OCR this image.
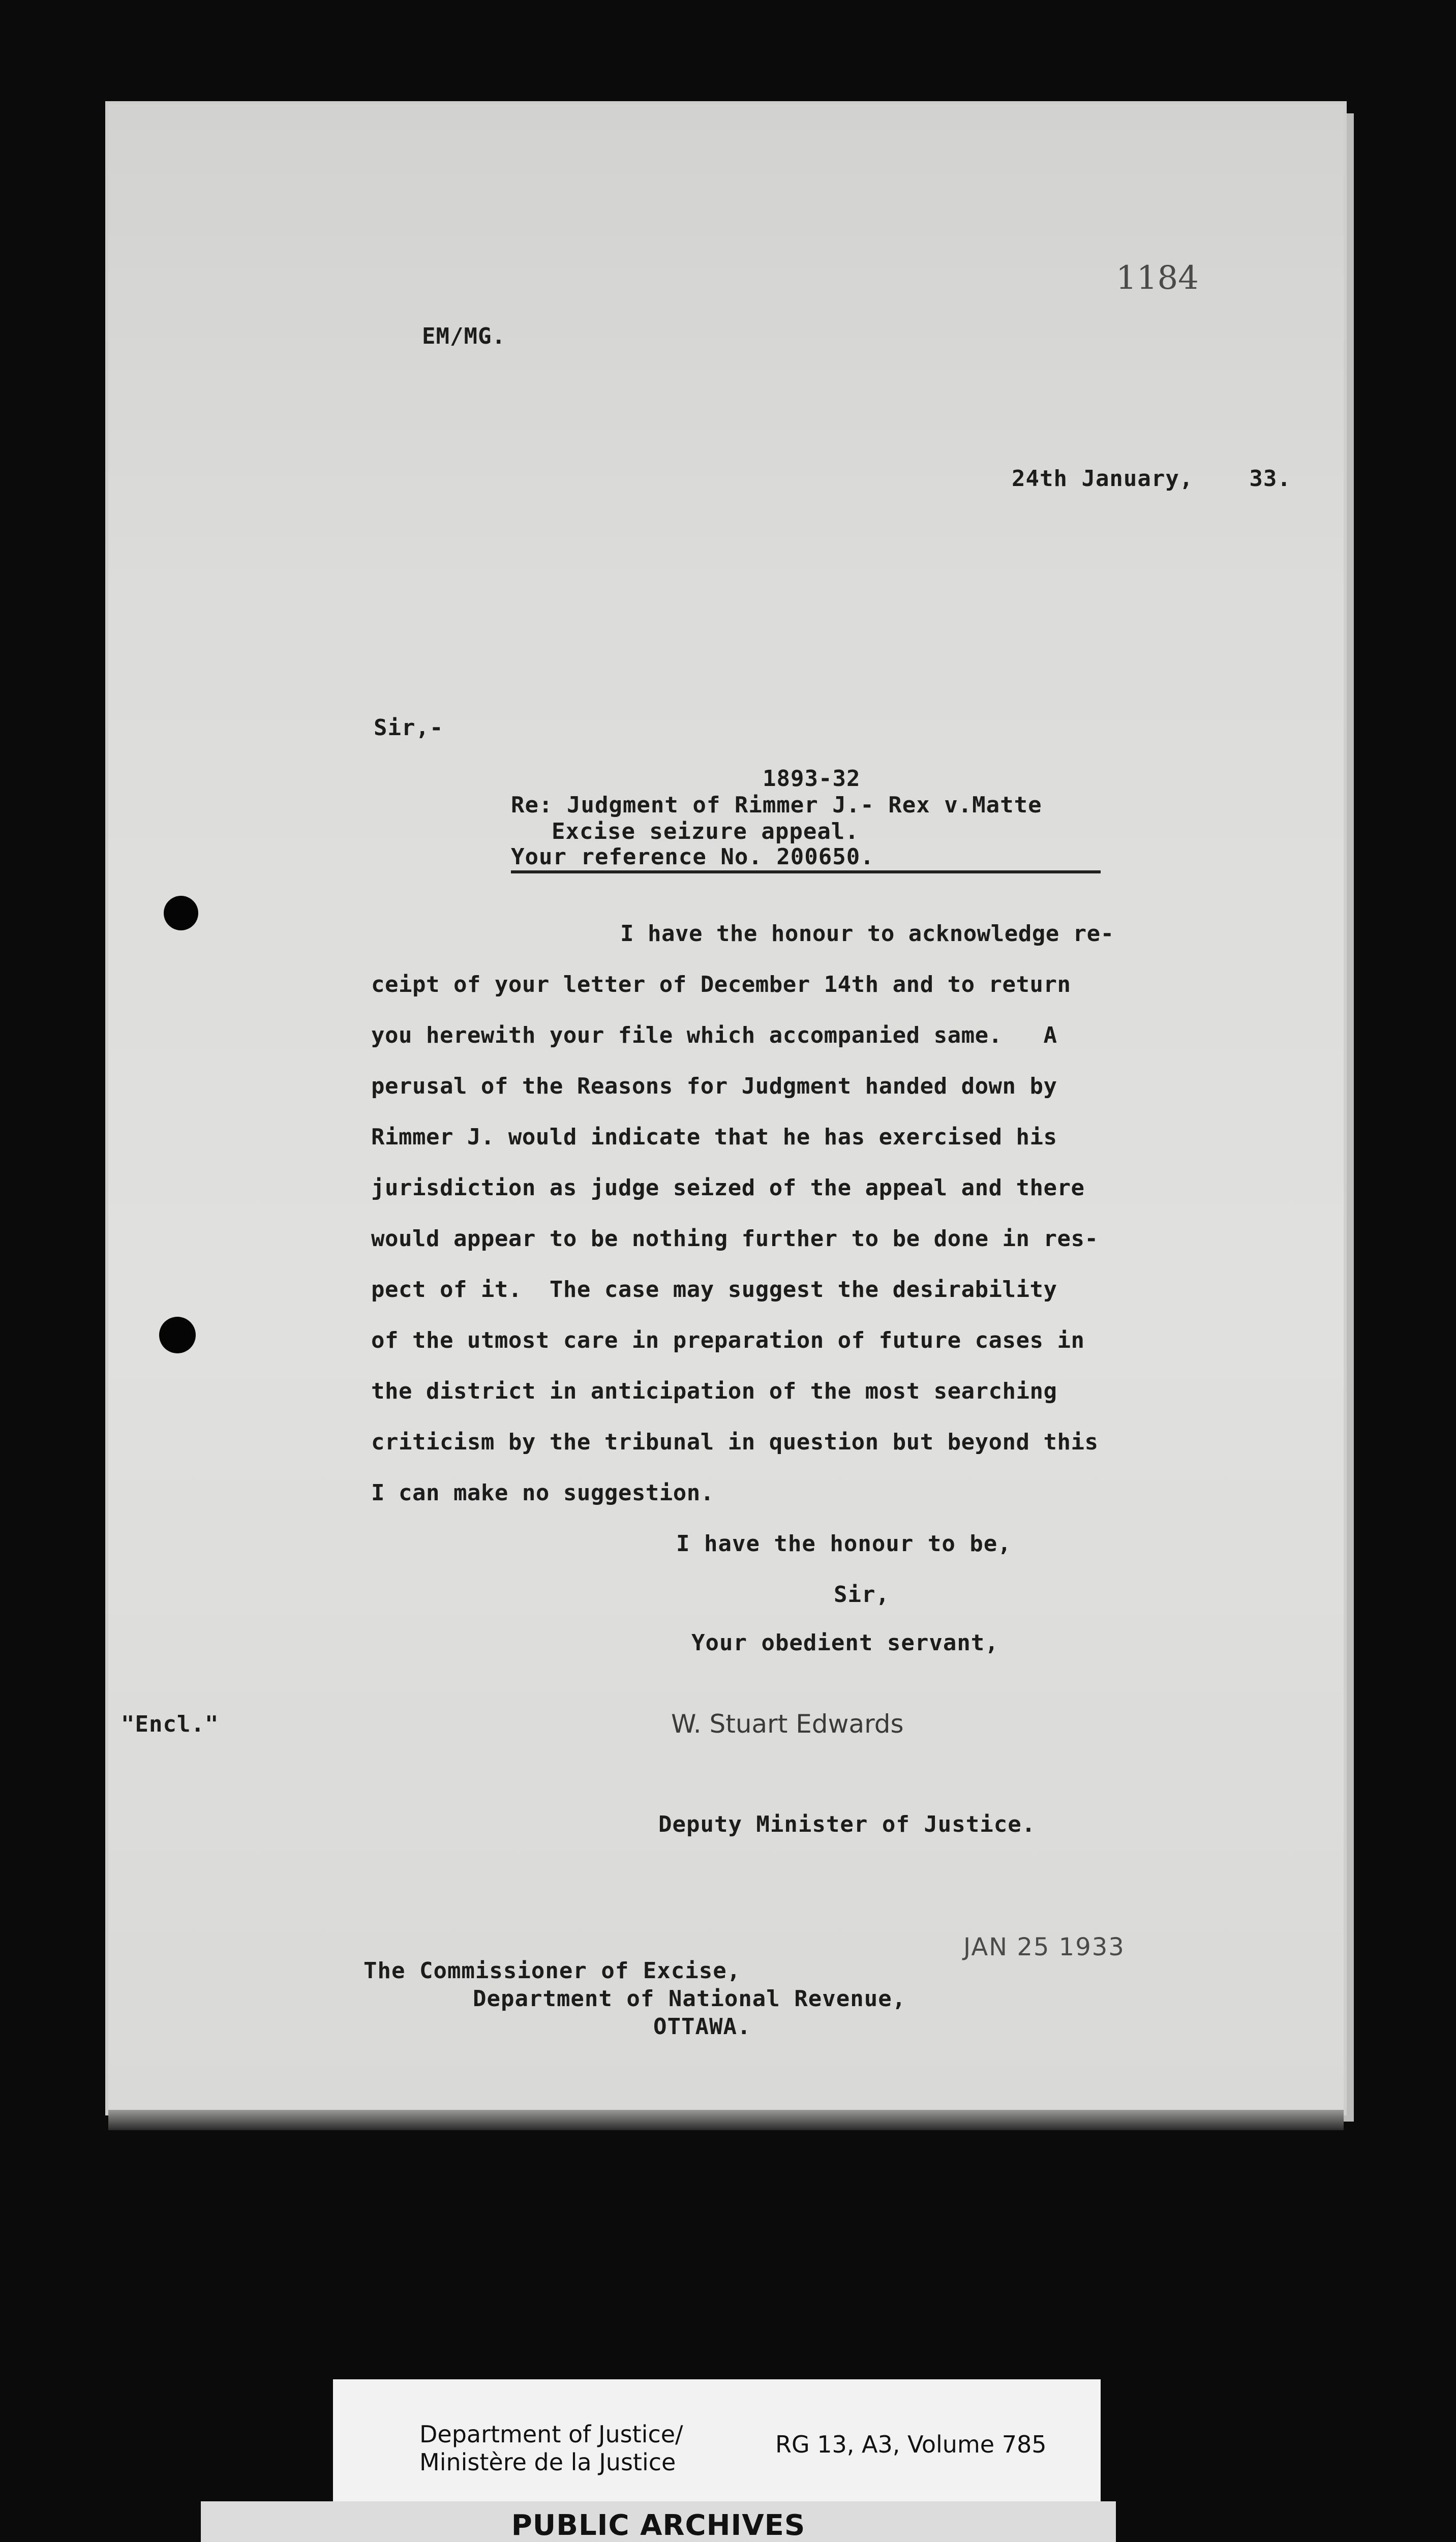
1184
EM/MG.
24th January,    33.
Sir,-
1893-32
Re: Judgment of Rimmer J.- Rex v.Matte
Excise seizure appeal.
Your reference No. 200650.
I have the honour to acknowledge re-
ceipt of your letter of December 14th and to return
you herewith your file which accompanied same.   A
perusal of the Reasons for Judgment handed down by
Rimmer J. would indicate that he has exercised his
jurisdiction as judge seized of the appeal and there
would appear to be nothing further to be done in res-
pect of it.  The case may suggest the desirability
of the utmost care in preparation of future cases in
the district in anticipation of the most searching
criticism by the tribunal in question but beyond this
I can make no suggestion.
I have the honour to be,
Sir,
Your obedient servant,
"Encl."	W. Stuart Edwards
Deputy Minister of Justice.
JAN 25 1933
The Commissioner of Excise,
Department of National Revenue,
OTTAWA.
Department of Justice/
Ministère de la Justice
RG 13, A3, Volume 785
PUBLIC ARCHIVES
